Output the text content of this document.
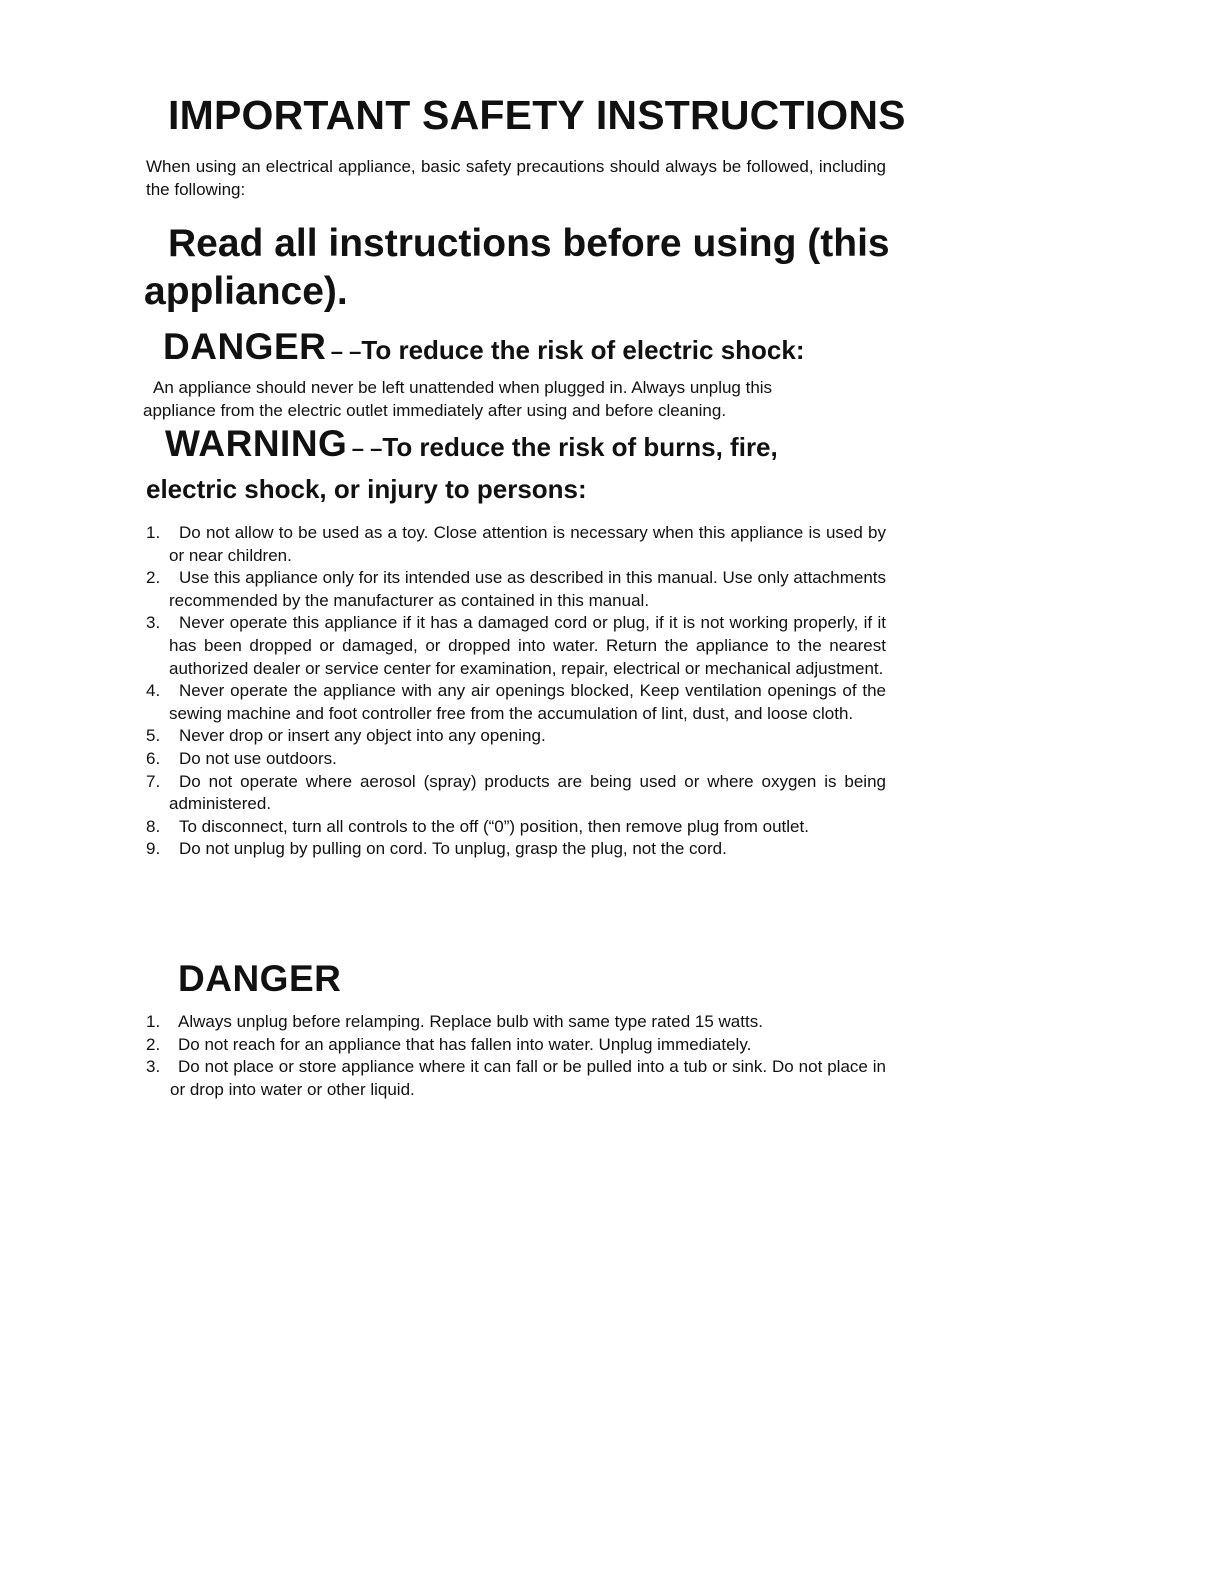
IMPORTANT SAFETY INSTRUCTIONS

When using an electrical appliance, basic safety precautions should always be followed, including the following:

Read all instructions before using (this
appliance).
DANGER – –To reduce the risk of electric shock:

An appliance should never be left unattended when plugged in. Always unplug this
appliance from the electric outlet immediately after using and before cleaning.

WARNING – –To reduce the risk of burns, fire,
electric shock, or injury to persons:
1.	Do not allow to be used as a toy. Close attention is necessary when this appliance is used by or near children.
2.	Use this appliance only for its intended use as described in this manual. Use only attachments recommended by the manufacturer as contained in this manual.
3.	Never operate this appliance if it has a damaged cord or plug, if it is not working properly, if it has been dropped or damaged, or dropped into water. Return the appliance to the nearest authorized dealer or service center for examination, repair, electrical or mechanical adjustment.
4.	Never operate the appliance with any air openings blocked, Keep ventilation openings of the sewing machine and foot controller free from the accumulation of lint, dust, and loose cloth.
5.	Never drop or insert any object into any opening.
6.	Do not use outdoors.
7.	Do not operate where aerosol (spray) products are being used or where oxygen is being administered.
8.	To disconnect, turn all controls to the off (“0”) position, then remove plug from outlet.
9.	Do not unplug by pulling on cord. To unplug, grasp the plug, not the cord.
DANGER
1.	Always unplug before relamping. Replace bulb with same type rated 15 watts.
2.	Do not reach for an appliance that has fallen into water. Unplug immediately.
3.	Do not place or store appliance where it can fall or be pulled into a tub or sink. Do not place in or drop into water or other liquid.
